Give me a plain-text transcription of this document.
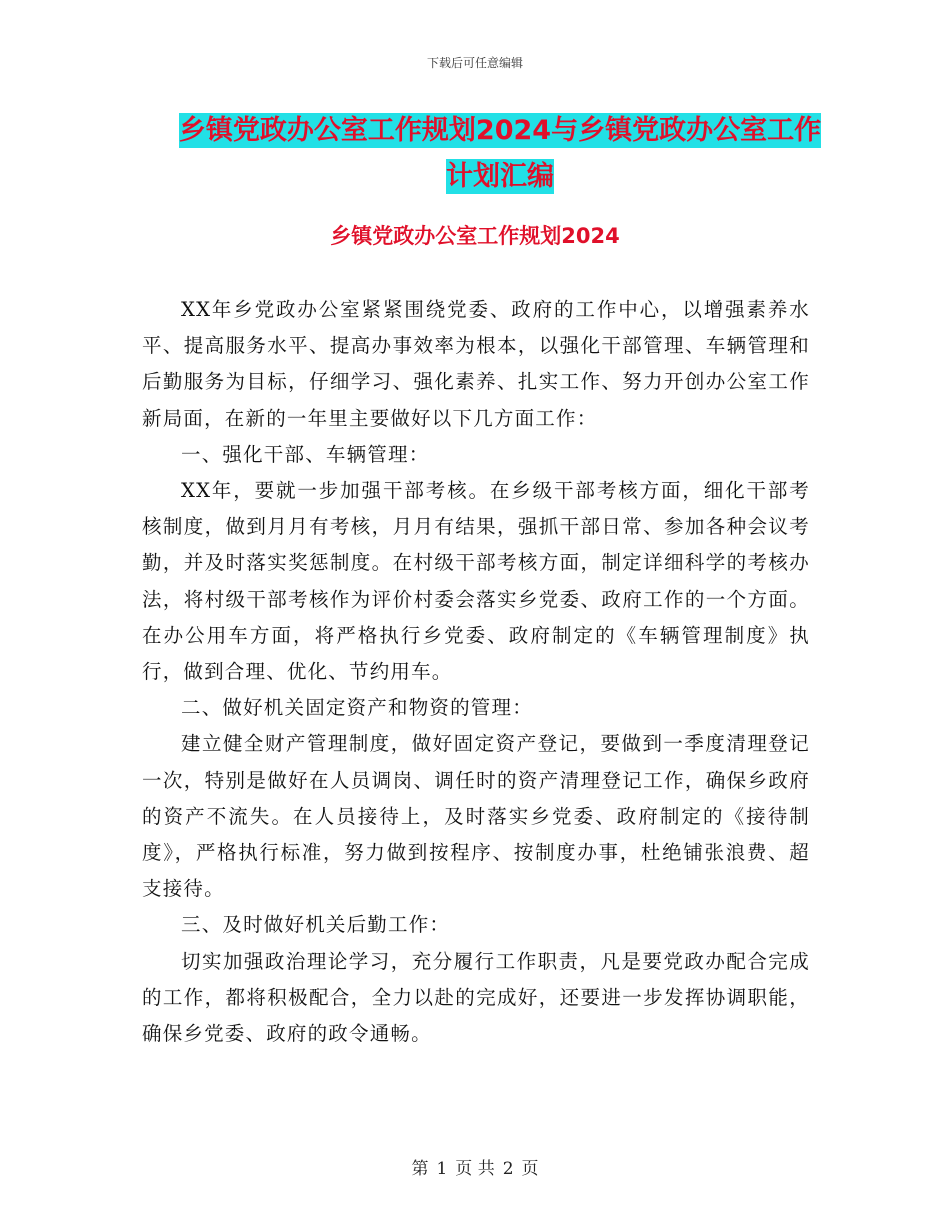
下载后可任意编辑
乡镇党政办公室工作规划2024与乡镇党政办公室工作
计划汇编
乡镇党政办公室工作规划2024

XX年乡党政办公室紧紧围绕党委、政府的工作中心，以增强素养水平、提高服务水平、提高办事效率为根本，以强化干部管理、车辆管理和后勤服务为目标，仔细学习、强化素养、扎实工作、努力开创办公室工作新局面，在新的一年里主要做好以下几方面工作：

一、强化干部、车辆管理：

XX年，要就一步加强干部考核。在乡级干部考核方面，细化干部考核制度，做到月月有考核，月月有结果，强抓干部日常、参加各种会议考勤，并及时落实奖惩制度。在村级干部考核方面，制定详细科学的考核办法，将村级干部考核作为评价村委会落实乡党委、政府工作的一个方面。在办公用车方面，将严格执行乡党委、政府制定的《车辆管理制度》执行，做到合理、优化、节约用车。

二、做好机关固定资产和物资的管理：

建立健全财产管理制度，做好固定资产登记，要做到一季度清理登记一次，特别是做好在人员调岗、调任时的资产清理登记工作，确保乡政府的资产不流失。在人员接待上，及时落实乡党委、政府制定的《接待制度》，严格执行标准，努力做到按程序、按制度办事，杜绝铺张浪费、超支接待。

三、及时做好机关后勤工作：

切实加强政治理论学习，充分履行工作职责，凡是要党政办配合完成的工作，都将积极配合，全力以赴的完成好，还要进一步发挥协调职能，确保乡党委、政府的政令通畅。

第 1 页 共 2 页
